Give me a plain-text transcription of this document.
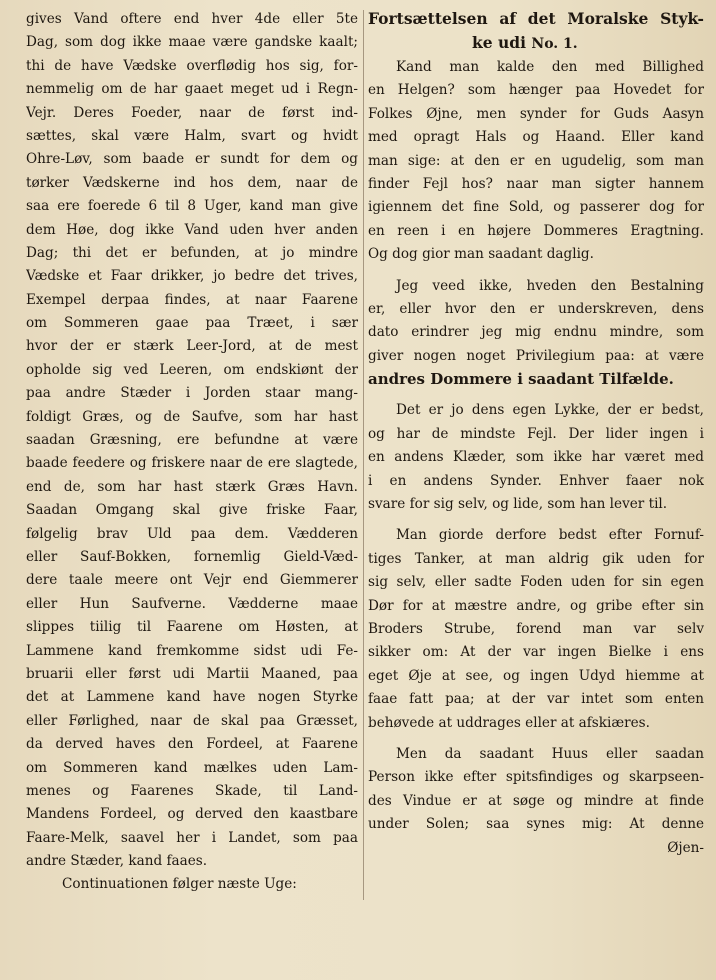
gives Vand oftere end hver 4de eller 5te
Dag, som dog ikke maae være gandske kaalt;
thi de have Vædske overflødig hos sig, for-
nemmelig om de har gaaet meget ud i Regn-
Vejr. Deres Foeder, naar de først ind-
sættes, skal være Halm, svart og hvidt
Ohre-Løv, som baade er sundt for dem og
tørker Vædskerne ind hos dem, naar de
saa ere foerede 6 til 8 Uger, kand man give
dem Høe, dog ikke Vand uden hver anden
Dag; thi det er befunden, at jo mindre
Vædske et Faar drikker, jo bedre det trives,
Exempel derpaa findes, at naar Faarene
om Sommeren gaae paa Træet, i sær
hvor der er stærk Leer-Jord, at de mest
opholde sig ved Leeren, om endskiønt der
paa andre Stæder i Jorden staar mang-
foldigt Græs, og de Saufve, som har hast
saadan Græsning, ere befundne at være
baade feedere og friskere naar de ere slagtede,
end de, som har hast stærk Græs Havn.
Saadan Omgang skal give friske Faar,
følgelig brav Uld paa dem. Vædderen
eller Sauf-Bokken, fornemlig Gield-Væd-
dere taale meere ont Vejr end Giemmerer
eller Hun Saufverne. Vædderne maae
slippes tiilig til Faarene om Høsten, at
Lammene kand fremkomme sidst udi Fe-
bruarii eller først udi Martii Maaned, paa
det at Lammene kand have nogen Styrke
eller Førlighed, naar de skal paa Græsset,
da derved haves den Fordeel, at Faarene
om Sommeren kand mælkes uden Lam-
menes og Faarenes Skade, til Land-
Mandens Fordeel, og derved den kaastbare
Faare-Melk, saavel her i Landet, som paa
andre Stæder, kand faaes.
Continuationen følger næste Uge:
Fortsættelsen af det Moralske Styk-
ke udi No. 1.
Kand man kalde den med Billighed
en Helgen? som hænger paa Hovedet for
Folkes Øjne, men synder for Guds Aasyn
med opragt Hals og Haand. Eller kand
man sige: at den er en ugudelig, som man
finder Fejl hos? naar man sigter hannem
igiennem det fine Sold, og passerer dog for
en reen i en højere Dommeres Eragtning.
Og dog gior man saadant daglig.
Jeg veed ikke, hveden den Bestalning
er, eller hvor den er underskreven, dens
dato erindrer jeg mig endnu mindre, som
giver nogen noget Privilegium paa: at være
andres Dommere i saadant Tilfælde.
Det er jo dens egen Lykke, der er bedst,
og har de mindste Fejl. Der lider ingen i
en andens Klæder, som ikke har været med
i en andens Synder. Enhver faaer nok
svare for sig selv, og lide, som han lever til.
Man giorde derfore bedst efter Fornuf-
tiges Tanker, at man aldrig gik uden for
sig selv, eller sadte Foden uden for sin egen
Dør for at mæstre andre, og gribe efter sin
Broders Strube, forend man var selv
sikker om: At der var ingen Bielke i ens
eget Øje at see, og ingen Udyd hiemme at
faae fatt paa; at der var intet som enten
behøvede at uddrages eller at afskiæres.
Men da saadant Huus eller saadan
Person ikke efter spitsfindiges og skarpseen-
des Vindue er at søge og mindre at finde
under Solen; saa synes mig: At denne
Øjen-
